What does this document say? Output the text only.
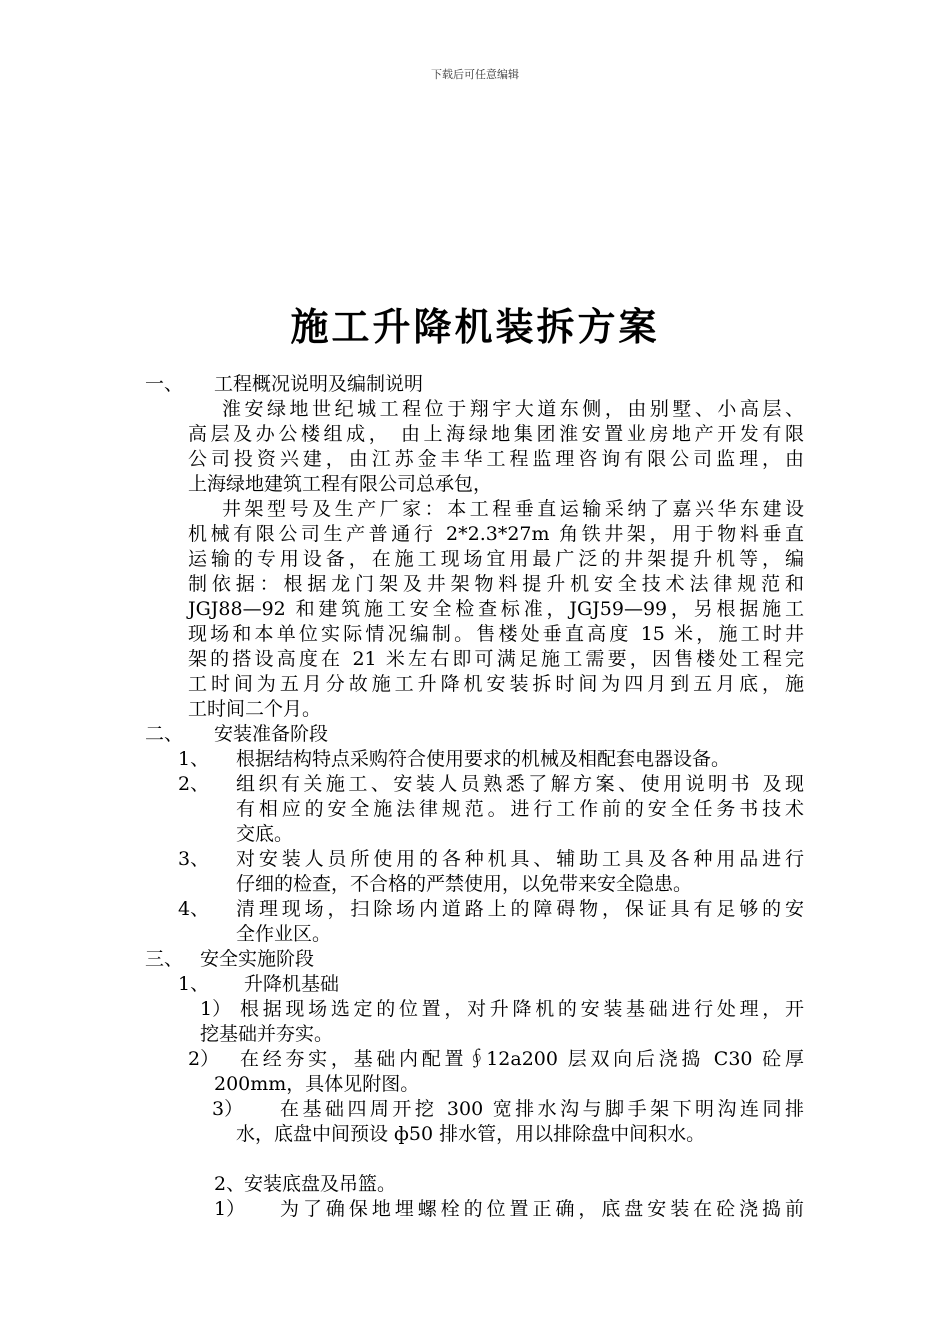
下载后可任意编辑
施工升降机装拆方案
一、 工程概况说明及编制说明

淮安绿地世纪城工程位于翔宇大道东侧，由别墅、小高层、

高层及办公楼组成， 由上海绿地集团淮安置业房地产开发有限

公司投资兴建，由江苏金丰华工程监理咨询有限公司监理，由

上海绿地建筑工程有限公司总承包，

井架型号及生产厂家：本工程垂直运输采纳了嘉兴华东建设

机械有限公司生产普通行 2*2.3*27m 角铁井架，用于物料垂直

运输的专用设备，在施工现场宜用最广泛的井架提升机等，编

制依据：根据龙门架及井架物料提升机安全技术法律规范和

JGJ88—92 和建筑施工安全检查标准，JGJ59—99，另根据施工

现场和本单位实际情况编制。售楼处垂直高度 15 米，施工时井

架的搭设高度在 21 米左右即可满足施工需要，因售楼处工程完

工时间为五月分故施工升降机安装拆时间为四月到五月底，施

工时间二个月。

二、 安装准备阶段
1、 根据结构特点采购符合使用要求的机械及相配套电器设备。

2、 组织有关施工、安装人员熟悉了解方案、使用说明书 及现

有相应的安全施法律规范。进行工作前的安全任务书技术

交底。

3、 对安装人员所使用的各种机具、辅助工具及各种用品进行

仔细的检查，不合格的严禁使用，以免带来安全隐患。

4、 清理现场，扫除场内道路上的障碍物，保证具有足够的安

全作业区。

三、 安全实施阶段
1、 升降机基础
1） 根据现场选定的位置，对升降机的安装基础进行处理，开

挖基础并夯实。

2） 在经夯实，基础内配置∮12a200 层双向后浇捣 C30 砼厚

200mm，具体见附图。

3） 在基础四周开挖 300 宽排水沟与脚手架下明沟连同排

水，底盘中间预设 ф50 排水管，用以排除盘中间积水。

2、
安装底盘及吊篮。
1） 为了确保地埋螺栓的位置正确，底盘安装在砼浇捣前
